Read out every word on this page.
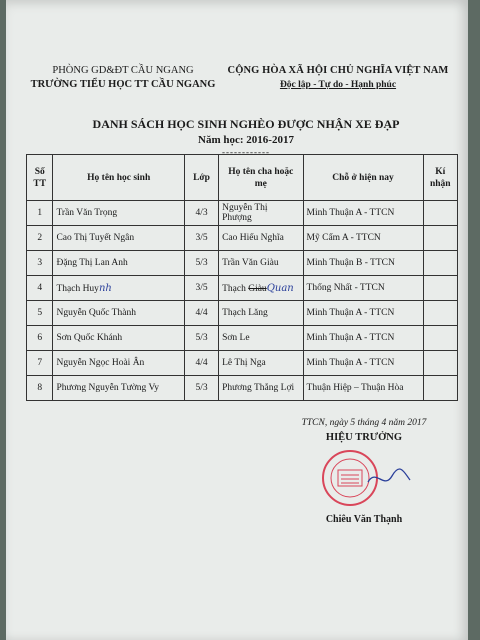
PHÒNG GD&ĐT CẦU NGANG
TRƯỜNG TIỂU HỌC TT CẦU NGANG
CỘNG HÒA XÃ HỘI CHỦ NGHĨA VIỆT NAM
Độc lập - Tự do - Hạnh phúc
DANH SÁCH HỌC SINH NGHÈO ĐƯỢC NHẬN XE ĐẠP
Năm học: 2016-2017
------------
Số TT	Họ tên học sinh	Lớp	Họ tên cha hoặc mẹ	Chỗ ở hiện nay	Kí nhận
1	Trần Văn Trọng	4/3	Nguyễn Thị Phượng	Minh Thuận A - TTCN	
2	Cao Thị Tuyết Ngân	3/5	Cao Hiếu Nghĩa	Mỹ Cẩm A - TTCN	
3	Đặng Thị Lan Anh	5/3	Trần Văn Giàu	Minh Thuận B - TTCN	
4	Thạch Huynh	3/5	Thạch GiàuQuan	Thống Nhất - TTCN	
5	Nguyễn Quốc Thành	4/4	Thạch Lăng	Minh Thuận A - TTCN	
6	Sơn Quốc Khánh	5/3	Sơn Le	Minh Thuận A - TTCN	
7	Nguyễn Ngọc Hoài Ân	4/4	Lê Thị Nga	Minh Thuận A - TTCN	
8	Phương Nguyễn Tường Vy	5/3	Phương Thắng Lợi	Thuận Hiệp – Thuận Hòa	
TTCN, ngày 5 tháng 4 năm 2017
HIỆU TRƯỞNG
Chiêu Văn Thạnh
